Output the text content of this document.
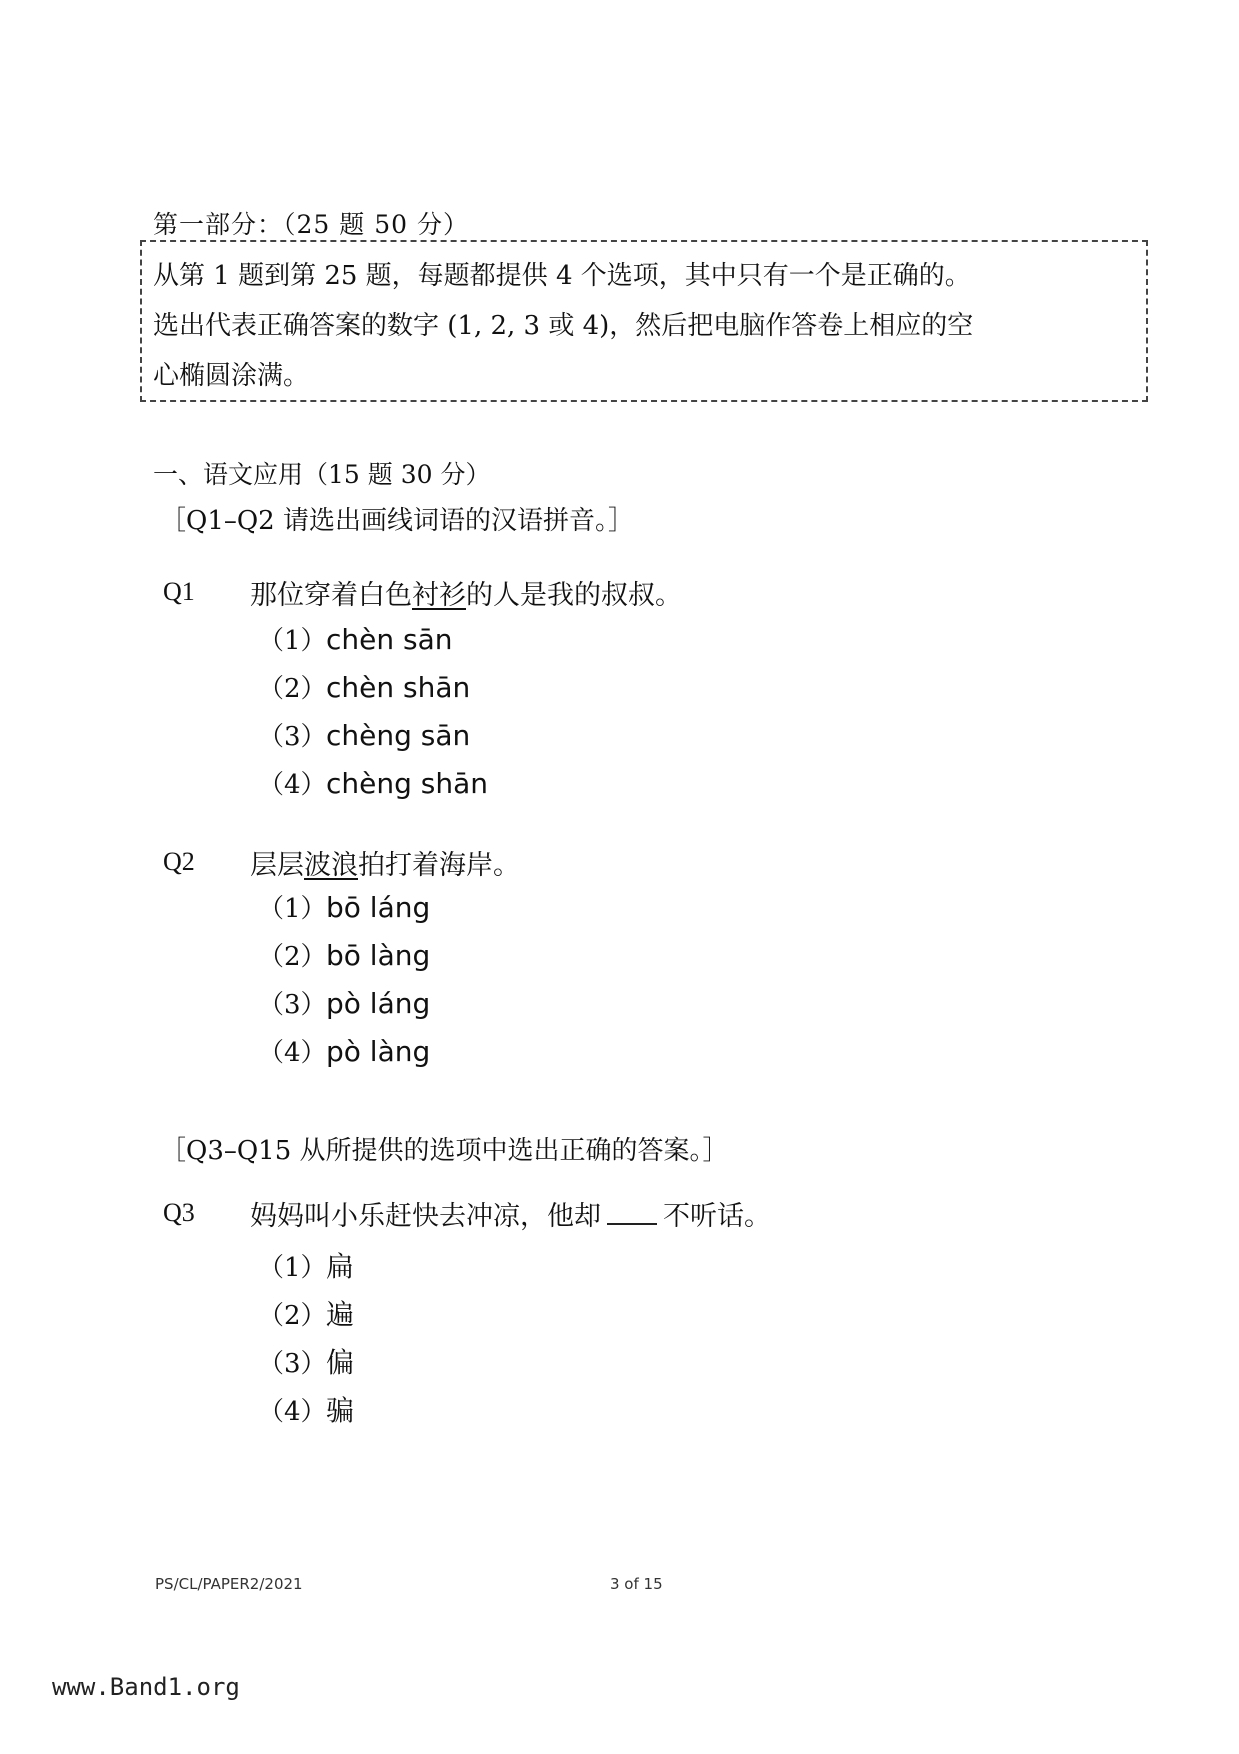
第一部分：（25 题 50 分）
从第 1 题到第 25 题，每题都提供 4 个选项，其中只有一个是正确的。
选出代表正确答案的数字 (1, 2, 3 或 4)，然后把电脑作答卷上相应的空
心椭圆涂满。
一、语文应用（15 题 30 分）
［Q1–Q2 请选出画线词语的汉语拼音。］
Q1 那位穿着白色衬衫的人是我的叔叔。
（1）chèn sān
（2）chèn shān
（3）chèng sān
（4）chèng shān
Q2 层层波浪拍打着海岸。
（1）bō láng
（2）bō làng
（3）pò láng
（4）pò làng
［Q3–Q15 从所提供的选项中选出正确的答案。］
Q3 妈妈叫小乐赶快去冲凉，他却 不听话。
（1）扁
（2）遍
（3）偏
（4）骗
PS/CL/PAPER2/2021	3 of 15
www.Band1.org
